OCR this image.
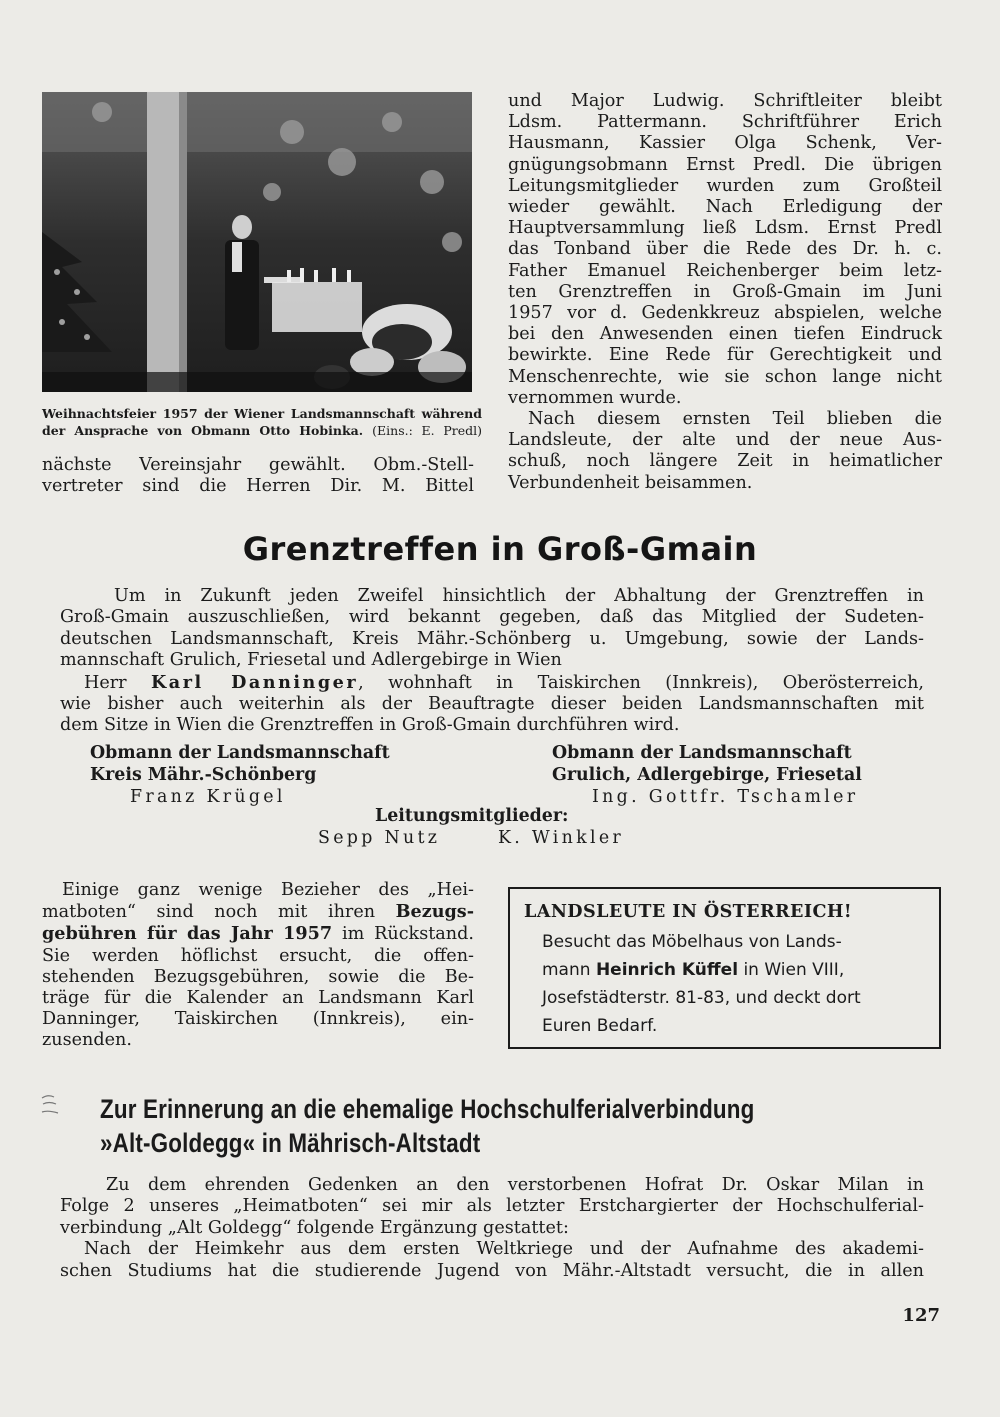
Weihnachtsfeier 1957 der Wiener Landsmannschaft während der Ansprache von Obmann Otto Hobinka. (Eins.: E. Predl)

nächste Vereinsjahr gewählt. Obm.-Stell-

vertreter sind die Herren Dir. M. Bittel

und Major Ludwig. Schriftleiter bleibt

Ldsm. Pattermann. Schriftführer Erich

Hausmann, Kassier Olga Schenk, Ver-

gnügungsobmann Ernst Predl. Die übrigen

Leitungsmitglieder wurden zum Großteil

wieder gewählt. Nach Erledigung der

Hauptversammlung ließ Ldsm. Ernst Predl

das Tonband über die Rede des Dr. h. c.

Father Emanuel Reichenberger beim letz-

ten Grenztreffen in Groß-Gmain im Juni

1957 vor d. Gedenkkreuz abspielen, welche

bei den Anwesenden einen tiefen Eindruck

bewirkte. Eine Rede für Gerechtigkeit und

Menschenrechte, wie sie schon lange nicht

vernommen wurde.

Nach diesem ernsten Teil blieben die

Landsleute, der alte und der neue Aus-

schuß, noch längere Zeit in heimatlicher

Verbundenheit beisammen.

Grenztreffen in Groß-Gmain
Um in Zukunft jeden Zweifel hinsichtlich der Abhaltung der Grenztreffen in
Groß-Gmain auszuschließen, wird bekannt gegeben, daß das Mitglied der Sudeten-
deutschen Landsmannschaft, Kreis Mähr.-Schönberg u. Umgebung, sowie der Lands-
mannschaft Grulich, Friesetal und Adlergebirge in Wien
Herr Karl Danninger, wohnhaft in Taiskirchen (Innkreis), Oberösterreich,
wie bisher auch weiterhin als der Beauftragte dieser beiden Landsmannschaften mit
dem Sitze in Wien die Grenztreffen in Groß-Gmain durchführen wird.
Obmann der Landsmannschaft
Kreis Mähr.-Schönberg
Franz Krügel
Obmann der Landsmannschaft
Grulich, Adlergebirge, Friesetal
Ing. Gottfr. Tschamler
Leitungsmitglieder:
Sepp Nutz	K. Winkler

Einige ganz wenige Bezieher des „Hei-

matboten“ sind noch mit ihren Bezugs-

gebühren für das Jahr 1957 im Rückstand.

Sie werden höflichst ersucht, die offen-

stehenden Bezugsgebühren, sowie die Be-

träge für die Kalender an Landsmann Karl

Danninger, Taiskirchen (Innkreis), ein-

zusenden.

LANDSLEUTE IN ÖSTERREICH!
Besucht das Möbelhaus von Lands-
mann Heinrich Küffel in Wien VIII,
Josefstädterstr. 81-83, und deckt dort
Euren Bedarf.
Zur Erinnerung an die ehemalige Hochschulferialverbindung
»Alt-Goldegg« in Mährisch-Altstadt
Zu dem ehrenden Gedenken an den verstorbenen Hofrat Dr. Oskar Milan in
Folge 2 unseres „Heimatboten“ sei mir als letzter Erstchargierter der Hochschulferial-
verbindung „Alt Goldegg“ folgende Ergänzung gestattet:
Nach der Heimkehr aus dem ersten Weltkriege und der Aufnahme des akademi-
schen Studiums hat die studierende Jugend von Mähr.-Altstadt versucht, die in allen
127
